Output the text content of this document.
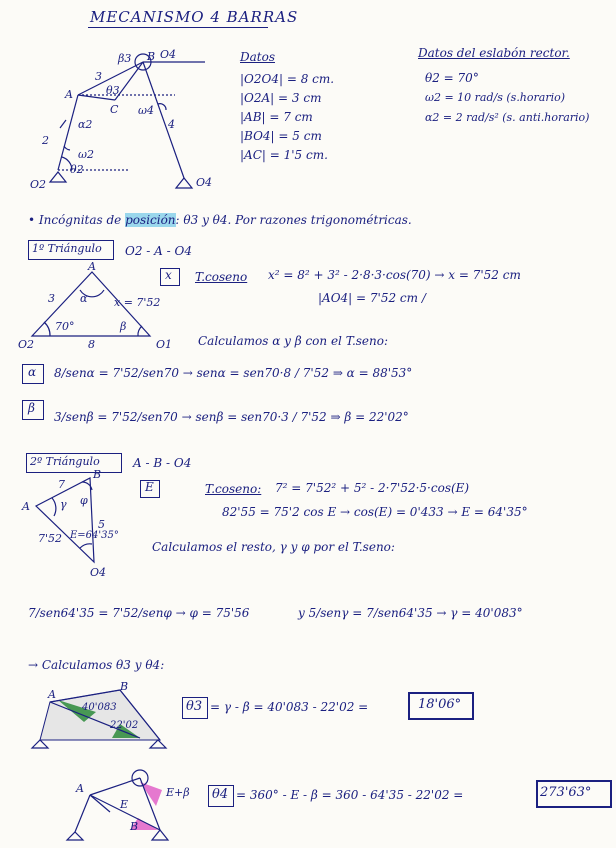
MECANISMO 4 BARRAS
3
A
C
B O4
β3
θ3
α2
2
ω2
θ2
O2	O4
ω4
4
Datos
|O2O4| = 8 cm.
|O2A| = 3 cm
|AB| = 7 cm
|BO4| = 5 cm
|AC| = 1'5 cm.
Datos del eslabón rector.
θ2 = 70°
ω2 = 10 rad/s (s.horario)
α2 = 2 rad/s² (s. anti.horario)
• Incógnitas de posición: θ3 y θ4. Por razones trigonométricas.
1º Triángulo O2 - A - O4
A
3 α x = 7'52
70°	β
O2	8	O1
x T.coseno x² = 8² + 3² - 2·8·3·cos(70) → x = 7'52 cm
|AO4| = 7'52 cm /
Calculamos α y β con el T.seno:
α 8/senα = 7'52/sen70 → senα = sen70·8 / 7'52 ⇒ α = 88'53°
β
3/senβ = 7'52/sen70 → senβ = sen70·3 / 7'52 ⇒ β = 22'02°
2º Triángulo	A - B - O4
A
7
B
γ φ
5
7'52 E=64'35°
O4
E	T.coseno: 7² = 7'52² + 5² - 2·7'52·5·cos(E)
82'55 = 75'2 cos E → cos(E) = 0'433 → E = 64'35°
Calculamos el resto, γ y φ por el T.seno:
7/sen64'35 = 7'52/senφ → φ = 75'56	y 5/senγ = 7/sen64'35 → γ = 40'083°
→ Calculamos θ3 y θ4:
A
B
40'083
22'02
θ3 = γ - β = 40'083 - 22'02 =	18'06°
A
E
B
E+β θ4 = 360° - E - β = 360 - 64'35 - 22'02 =	273'63°
